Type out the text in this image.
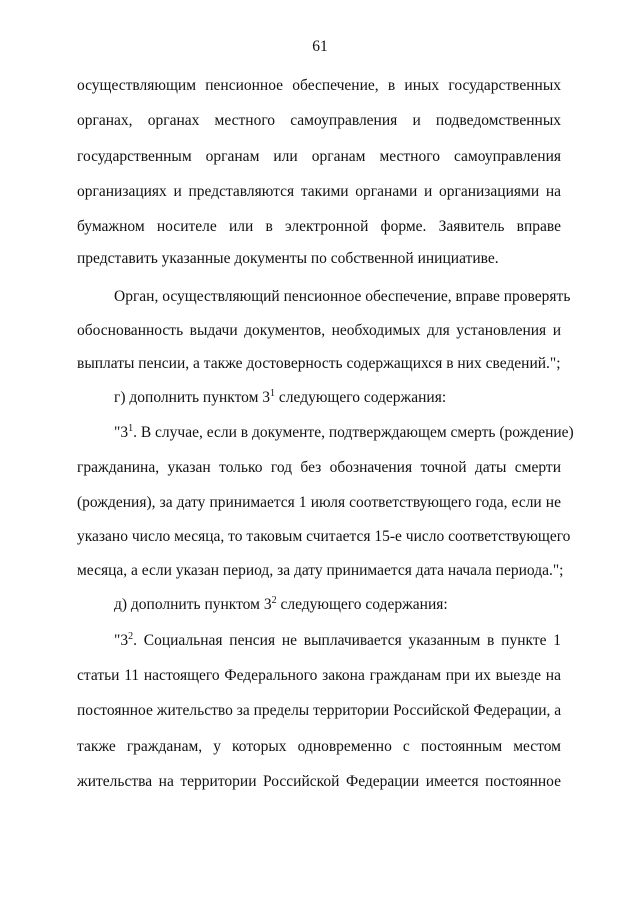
61
осуществляющим пенсионное обеспечение, в иных государственных
органах, органах местного самоуправления и подведомственных
государственным органам или органам местного самоуправления
организациях и представляются такими органами и организациями на
бумажном носителе или в электронной форме. Заявитель вправе
представить указанные документы по собственной инициативе.
Орган, осуществляющий пенсионное обеспечение, вправе проверять
обоснованность выдачи документов, необходимых для установления и
выплаты пенсии, а также достоверность содержащихся в них сведений.";
г) дополнить пунктом $3^1$ следующего содержания:
"$3^1$. В случае, если в документе, подтверждающем смерть (рождение)
гражданина, указан только год без обозначения точной даты смерти
(рождения), за дату принимается 1 июля соответствующего года, если не
указано число месяца, то таковым считается 15-е число соответствующего
месяца, а если указан период, за дату принимается дата начала периода.";
д) дополнить пунктом $3^2$ следующего содержания:
"$3^2$. Социальная пенсия не выплачивается указанным в пункте 1
статьи 11 настоящего Федерального закона гражданам при их выезде на
постоянное жительство за пределы территории Российской Федерации, а
также гражданам, у которых одновременно с постоянным местом
жительства на территории Российской Федерации имеется постоянное
